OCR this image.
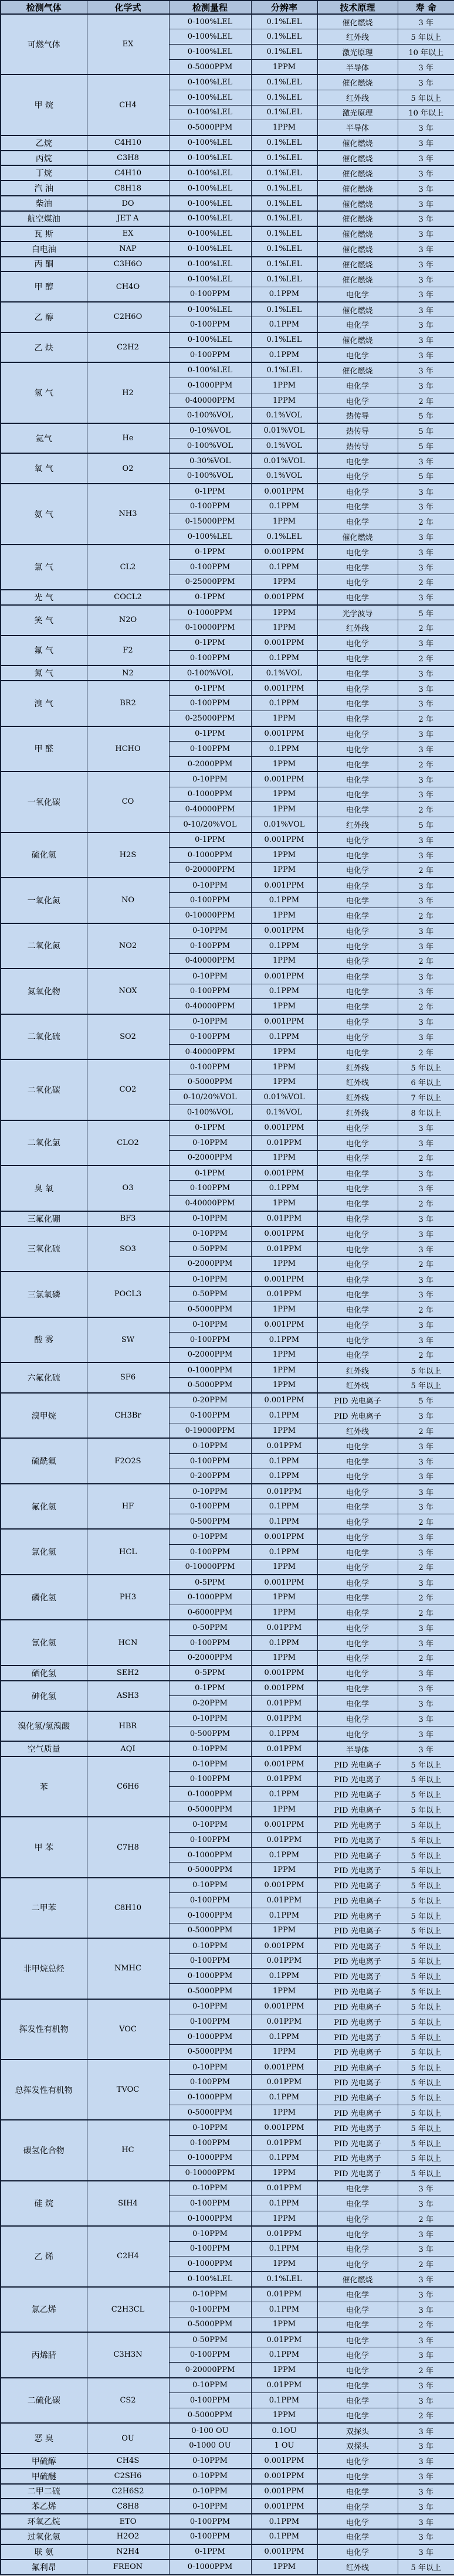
检测气体	化学式	检测量程	分辨率	技术原理	寿 命
可燃气体	EX	0-100%LEL	0.1%LEL	催化燃烧	3 年
		0-100%LEL	0.1%LEL	红外线	5 年以上
		0-100%LEL	0.1%LEL	激光原理	10 年以上
		0-5000PPM	1PPM	半导体	3 年
甲 烷	CH4	0-100%LEL	0.1%LEL	催化燃烧	3 年
		0-100%LEL	0.1%LEL	红外线	5 年以上
		0-100%LEL	0.1%LEL	激光原理	10 年以上
		0-5000PPM	1PPM	半导体	3 年
乙烷	C4H10	0-100%LEL	0.1%LEL	催化燃烧	3 年
丙烷	C3H8	0-100%LEL	0.1%LEL	催化燃烧	3 年
丁烷	C4H10	0-100%LEL	0.1%LEL	催化燃烧	3 年
汽 油	C8H18	0-100%LEL	0.1%LEL	催化燃烧	3 年
柴油	DO	0-100%LEL	0.1%LEL	催化燃烧	3 年
航空煤油	JET A	0-100%LEL	0.1%LEL	催化燃烧	3 年
瓦 斯	EX	0-100%LEL	0.1%LEL	催化燃烧	3 年
白电油	NAP	0-100%LEL	0.1%LEL	催化燃烧	3 年
丙 酮	C3H6O	0-100%LEL	0.1%LEL	催化燃烧	3 年
甲 醇	CH4O	0-100%LEL	0.1%LEL	催化燃烧	3 年
		0-100PPM	0.1PPM	电化学	3 年
乙 醇	C2H6O	0-100%LEL	0.1%LEL	催化燃烧	3 年
		0-100PPM	0.1PPM	电化学	3 年
乙 炔	C2H2	0-100%LEL	0.1%LEL	催化燃烧	3 年
		0-100PPM	0.1PPM	电化学	3 年
氢 气	H2	0-100%LEL	0.1%LEL	催化燃烧	3 年
		0-1000PPM	1PPM	电化学	3 年
		0-40000PPM	1PPM	电化学	2 年
		0-100%VOL	0.1%VOL	热传导	5 年
氦气	He	0-10%VOL	0.01%VOL	热传导	5 年
		0-100%VOL	0.1%VOL	热传导	5 年
氧 气	O2	0-30%VOL	0.01%VOL	电化学	3 年
		0-100%VOL	0.1%VOL	电化学	5 年
氨 气	NH3	0-1PPM	0.001PPM	电化学	3 年
		0-100PPM	0.1PPM	电化学	3 年
		0-15000PPM	1PPM	电化学	2 年
		0-100%LEL	0.1%LEL	催化燃烧	3 年
氯 气	CL2	0-1PPM	0.001PPM	电化学	3 年
		0-100PPM	0.1PPM	电化学	3 年
		0-25000PPM	1PPM	电化学	2 年
光 气	COCL2	0-1PPM	0.001PPM	电化学	3 年
笑 气	N2O	0-1000PPM	1PPM	光学波导	5 年
		0-10000PPM	1PPM	红外线	2 年
氟 气	F2	0-1PPM	0.001PPM	电化学	3 年
		0-100PPM	0.1PPM	电化学	2 年
氮 气	N2	0-100%VOL	0.1%VOL	电化学	3 年
溴 气	BR2	0-1PPM	0.001PPM	电化学	3 年
		0-100PPM	0.1PPM	电化学	3 年
		0-25000PPM	1PPM	电化学	2 年
甲 醛	HCHO	0-1PPM	0.001PPM	电化学	3 年
		0-100PPM	0.1PPM	电化学	3 年
		0-2000PPM	1PPM	电化学	2 年
一氧化碳	CO	0-10PPM	0.001PPM	电化学	3 年
		0-1000PPM	1PPM	电化学	3 年
		0-40000PPM	1PPM	电化学	2 年
		0-10/20%VOL	0.01%VOL	红外线	5 年
硫化氢	H2S	0-1PPM	0.001PPM	电化学	3 年
		0-1000PPM	1PPM	电化学	3 年
		0-20000PPM	1PPM	电化学	2 年
一氧化氮	NO	0-10PPM	0.001PPM	电化学	3 年
		0-100PPM	0.1PPM	电化学	3 年
		0-10000PPM	1PPM	电化学	2 年
二氧化氮	NO2	0-10PPM	0.001PPM	电化学	3 年
		0-100PPM	0.1PPM	电化学	3 年
		0-40000PPM	1PPM	电化学	2 年
氮氧化物	NOX	0-10PPM	0.001PPM	电化学	3 年
		0-100PPM	0.1PPM	电化学	3 年
		0-40000PPM	1PPM	电化学	2 年
二氧化硫	SO2	0-10PPM	0.001PPM	电化学	3 年
		0-100PPM	0.1PPM	电化学	3 年
		0-40000PPM	1PPM	电化学	2 年
二氧化碳	CO2	0-100PPM	1PPM	红外线	5 年以上
		0-5000PPM	1PPM	红外线	6 年以上
		0-10/20%VOL	0.01%VOL	红外线	7 年以上
		0-100%VOL	0.1%VOL	红外线	8 年以上
二氧化氯	CLO2	0-1PPM	0.001PPM	电化学	3 年
		0-10PPM	0.01PPM	电化学	3 年
		0-2000PPM	1PPM	电化学	2 年
臭 氧	O3	0-1PPM	0.001PPM	电化学	3 年
		0-100PPM	0.1PPM	电化学	3 年
		0-40000PPM	1PPM	电化学	2 年
三氟化硼	BF3	0-10PPM	0.01PPM	电化学	3 年
三氧化硫	SO3	0-10PPM	0.001PPM	电化学	3 年
		0-50PPM	0.01PPM	电化学	3 年
		0-2000PPM	1PPM	电化学	2 年
三氯氧磷	POCL3	0-10PPM	0.001PPM	电化学	3 年
		0-50PPM	0.01PPM	电化学	3 年
		0-5000PPM	1PPM	电化学	2 年
酸 雾	SW	0-10PPM	0.001PPM	电化学	3 年
		0-100PPM	0.1PPM	电化学	3 年
		0-2000PPM	1PPM	电化学	2 年
六氟化硫	SF6	0-1000PPM	1PPM	红外线	5 年以上
		0-5000PPM	1PPM	红外线	5 年以上
溴甲烷	CH3Br	0-20PPM	0.001PPM	PID 光电离子	5 年
		0-100PPM	0.1PPM	PID 光电离子	3 年
		0-19000PPM	1PPM	红外线	2 年
硫酰氟	F2O2S	0-10PPM	0.01PPM	电化学	3 年
		0-100PPM	0.1PPM	电化学	3 年
		0-200PPM	0.1PPM	电化学	3 年
氟化氢	HF	0-10PPM	0.01PPM	电化学	3 年
		0-100PPM	0.1PPM	电化学	3 年
		0-500PPM	0.1PPM	电化学	2 年
氯化氢	HCL	0-10PPM	0.001PPM	电化学	3 年
		0-100PPM	0.1PPM	电化学	3 年
		0-10000PPM	1PPM	电化学	2 年
磷化氢	PH3	0-5PPM	0.001PPM	电化学	3 年
		0-1000PPM	1PPM	电化学	2 年
		0-6000PPM	1PPM	电化学	2 年
氰化氢	HCN	0-50PPM	0.01PPM	电化学	3 年
		0-100PPM	0.1PPM	电化学	3 年
		0-2000PPM	1PPM	电化学	2 年
硒化氢	SEH2	0-5PPM	0.001PPM	电化学	3 年
砷化氢	ASH3	0-1PPM	0.001PPM	电化学	3 年
		0-20PPM	0.01PPM	电化学	3 年
溴化氢/氢溴酸	HBR	0-10PPM	0.01PPM	电化学	3 年
		0-500PPM	0.1PPM	电化学	3 年
空气质量	AQI	0-10PPM	0.01PPM	半导体	3 年
苯	C6H6	0-10PPM	0.001PPM	PID 光电离子	5 年以上
		0-100PPM	0.01PPM	PID 光电离子	5 年以上
		0-1000PPM	0.1PPM	PID 光电离子	5 年以上
		0-5000PPM	1PPM	PID 光电离子	5 年以上
甲 苯	C7H8	0-10PPM	0.001PPM	PID 光电离子	5 年以上
		0-100PPM	0.01PPM	PID 光电离子	5 年以上
		0-1000PPM	0.1PPM	PID 光电离子	5 年以上
		0-5000PPM	1PPM	PID 光电离子	5 年以上
二甲苯	C8H10	0-10PPM	0.001PPM	PID 光电离子	5 年以上
		0-100PPM	0.01PPM	PID 光电离子	5 年以上
		0-1000PPM	0.1PPM	PID 光电离子	5 年以上
		0-5000PPM	1PPM	PID 光电离子	5 年以上
非甲烷总烃	NMHC	0-10PPM	0.001PPM	PID 光电离子	5 年以上
		0-100PPM	0.01PPM	PID 光电离子	5 年以上
		0-1000PPM	0.1PPM	PID 光电离子	5 年以上
		0-5000PPM	1PPM	PID 光电离子	5 年以上
挥发性有机物	VOC	0-10PPM	0.001PPM	PID 光电离子	5 年以上
		0-100PPM	0.01PPM	PID 光电离子	5 年以上
		0-1000PPM	0.1PPM	PID 光电离子	5 年以上
		0-5000PPM	1PPM	PID 光电离子	5 年以上
总挥发性有机物	TVOC	0-10PPM	0.001PPM	PID 光电离子	5 年以上
		0-100PPM	0.01PPM	PID 光电离子	5 年以上
		0-1000PPM	0.1PPM	PID 光电离子	5 年以上
		0-5000PPM	1PPM	PID 光电离子	5 年以上
碳氢化合物	HC	0-10PPM	0.001PPM	PID 光电离子	5 年以上
		0-100PPM	0.01PPM	PID 光电离子	5 年以上
		0-1000PPM	0.1PPM	PID 光电离子	5 年以上
		0-10000PPM	1PPM	PID 光电离子	5 年以上
硅 烷	SIH4	0-10PPM	0.01PPM	电化学	3 年
		0-100PPM	0.1PPM	电化学	3 年
		0-1000PPM	1PPM	电化学	2 年
乙 烯	C2H4	0-10PPM	0.01PPM	电化学	3 年
		0-100PPM	0.1PPM	电化学	3 年
		0-1000PPM	1PPM	电化学	2 年
		0-100%LEL	0.1%LEL	催化燃烧	3 年
氯乙烯	C2H3CL	0-10PPM	0.01PPM	电化学	3 年
		0-100PPM	0.1PPM	电化学	3 年
		0-5000PPM	1PPM	电化学	2 年
丙烯腈	C3H3N	0-50PPM	0.01PPM	电化学	3 年
		0-100PPM	0.1PPM	电化学	3 年
		0-20000PPM	1PPM	电化学	2 年
二硫化碳	CS2	0-10PPM	0.01PPM	电化学	3 年
		0-100PPM	0.1PPM	电化学	3 年
		0-5000PPM	1PPM	电化学	2 年
恶 臭	OU	0-100 OU	0.1OU	双探头	3 年
		0-1000 OU	1 OU	双探头	3 年
甲硫醇	CH4S	0-10PPM	0.001PPM	电化学	3 年
甲硫醚	C2SH6	0-10PPM	0.001PPM	电化学	3 年
二甲二硫	C2H6S2	0-10PPM	0.001PPM	电化学	3 年
苯乙烯	C8H8	0-10PPM	0.001PPM	电化学	3 年
环氧乙烷	ETO	0-100PPM	0.1PPM	电化学	3 年
过氧化氢	H2O2	0-100PPM	0.1PPM	电化学	3 年
联 氨	N2H4	0-1PPM	0.001PPM	电化学	3 年
氟利昂	FREON	0-1000PPM	1PPM	红外线	5 年以上
